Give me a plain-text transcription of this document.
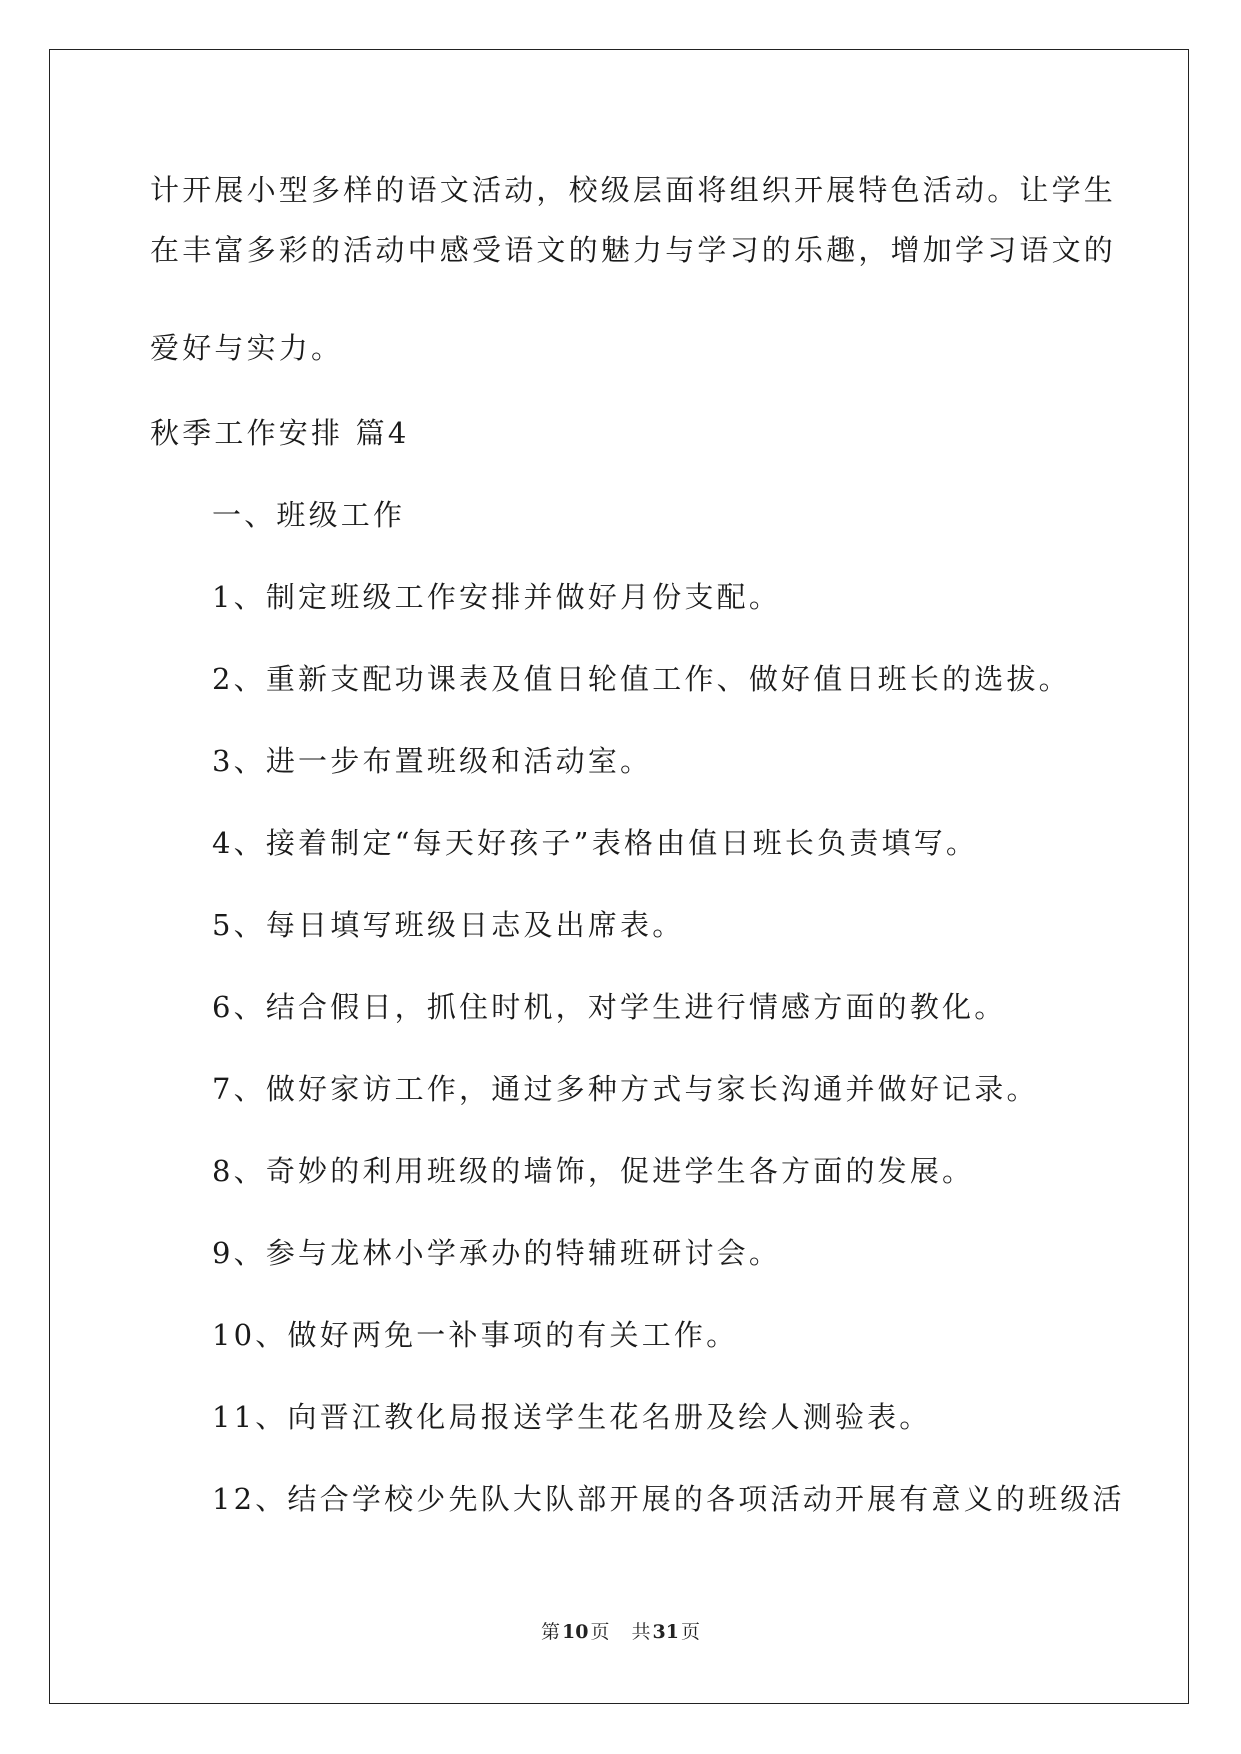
计开展小型多样的语文活动，校级层面将组织开展特色活动。让学生
在丰富多彩的活动中感受语文的魅力与学习的乐趣，增加学习语文的
爱好与实力。
秋季工作安排 篇4
一、班级工作
1、制定班级工作安排并做好月份支配。
2、重新支配功课表及值日轮值工作、做好值日班长的选拔。
3、进一步布置班级和活动室。
4、接着制定“每天好孩子”表格由值日班长负责填写。
5、每日填写班级日志及出席表。
6、结合假日，抓住时机，对学生进行情感方面的教化。
7、做好家访工作，通过多种方式与家长沟通并做好记录。
8、奇妙的利用班级的墙饰，促进学生各方面的发展。
9、参与龙林小学承办的特辅班研讨会。
10、做好两免一补事项的有关工作。
11、向晋江教化局报送学生花名册及绘人测验表。
12、结合学校少先队大队部开展的各项活动开展有意义的班级活
第 10 页 共 31 页
